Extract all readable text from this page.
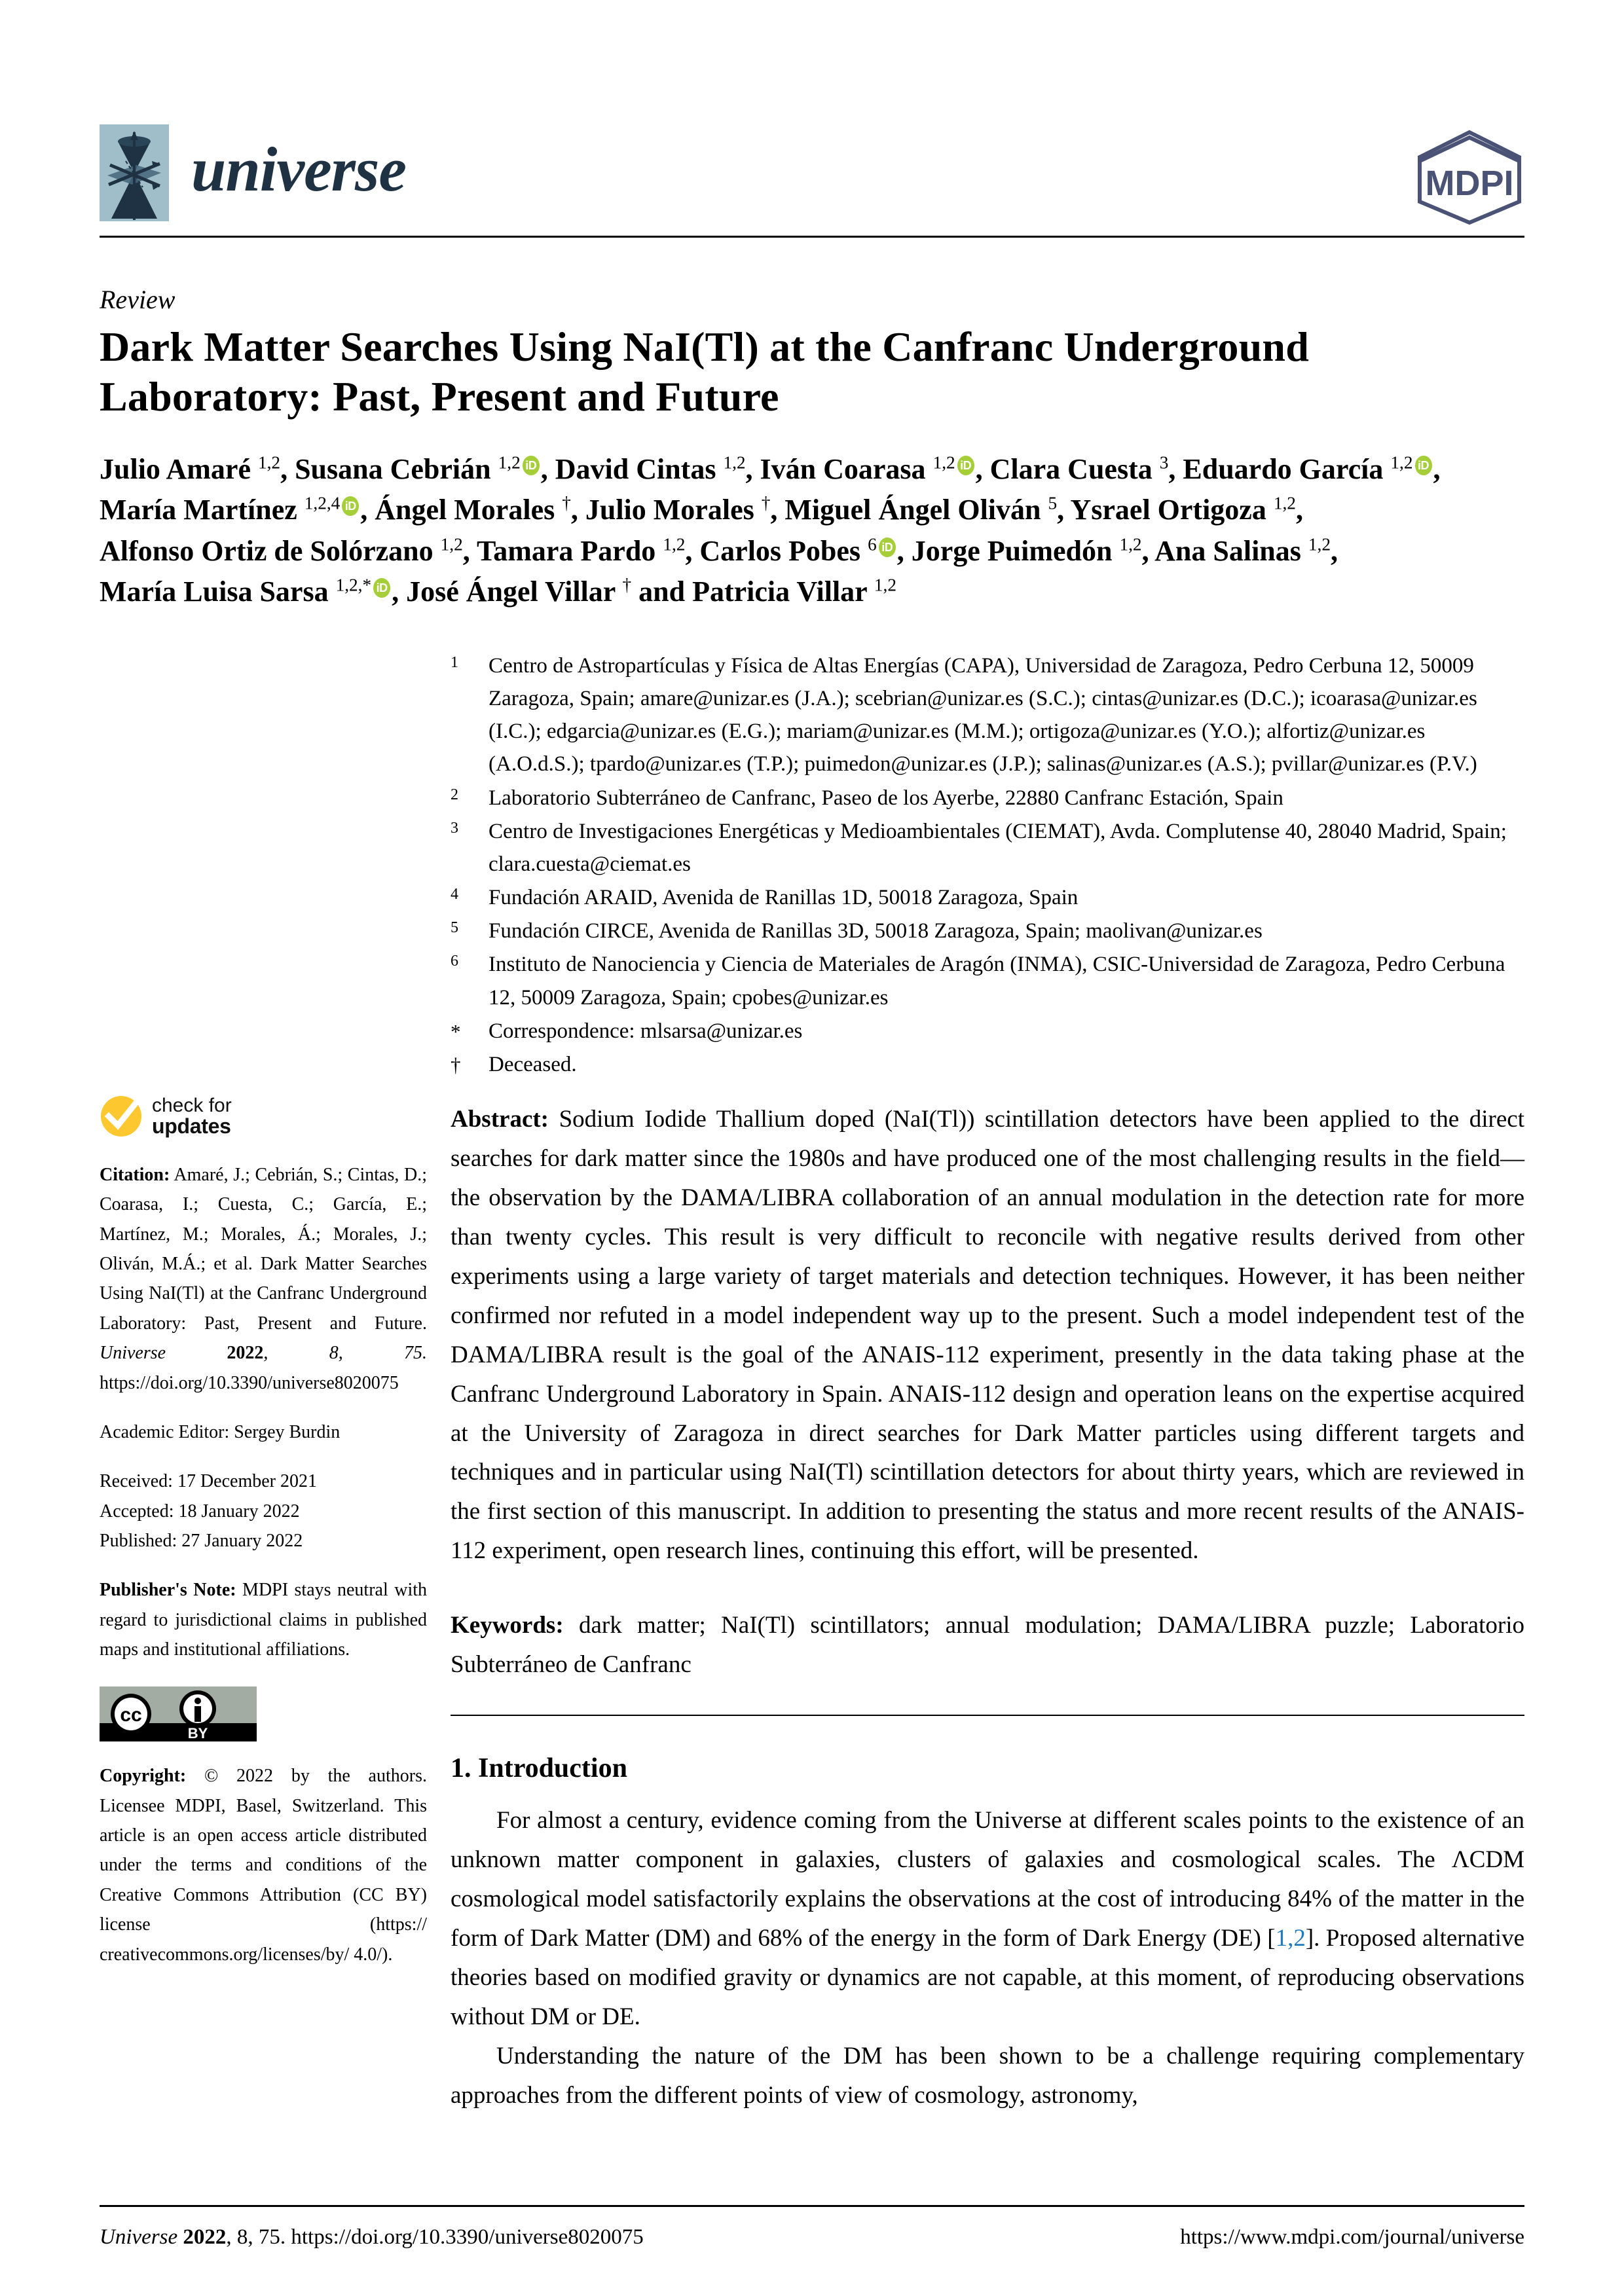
universe	MDPI
Review
Dark Matter Searches Using NaI(Tl) at the Canfranc Underground Laboratory: Past, Present and Future
Julio Amaré $^{1,2}$, Susana Cebrián $^{1,2}$ iD , David Cintas $^{1,2}$, Iván Coarasa $^{1,2}$ iD , Clara Cuesta $^3$, Eduardo García $^{1,2}$ iD ,
María Martínez $^{1,2,4}$ iD , Ángel Morales †, Julio Morales †, Miguel Ángel Oliván $^5$, Ysrael Ortigoza $^{1,2}$,
Alfonso Ortiz de Solórzano $^{1,2}$, Tamara Pardo $^{1,2}$, Carlos Pobes $^6$ iD , Jorge Puimedón $^{1,2}$, Ana Salinas $^{1,2}$,
María Luisa Sarsa $^{1,2,*}$ iD , José Ángel Villar † and Patricia Villar $^{1,2}$
1	Centro de Astropartículas y Física de Altas Energías (CAPA), Universidad de Zaragoza, Pedro Cerbuna 12, 50009 Zaragoza, Spain; amare@unizar.es (J.A.); scebrian@unizar.es (S.C.); cintas@unizar.es (D.C.); icoarasa@unizar.es (I.C.); edgarcia@unizar.es (E.G.); mariam@unizar.es (M.M.); ortigoza@unizar.es (Y.O.); alfortiz@unizar.es (A.O.d.S.); tpardo@unizar.es (T.P.); puimedon@unizar.es (J.P.); salinas@unizar.es (A.S.); pvillar@unizar.es (P.V.)
2	Laboratorio Subterráneo de Canfranc, Paseo de los Ayerbe, 22880 Canfranc Estación, Spain
3	Centro de Investigaciones Energéticas y Medioambientales (CIEMAT), Avda. Complutense 40, 28040 Madrid, Spain; clara.cuesta@ciemat.es
4	Fundación ARAID, Avenida de Ranillas 1D, 50018 Zaragoza, Spain
5	Fundación CIRCE, Avenida de Ranillas 3D, 50018 Zaragoza, Spain; maolivan@unizar.es
6	Instituto de Nanociencia y Ciencia de Materiales de Aragón (INMA), CSIC-Universidad de Zaragoza, Pedro Cerbuna 12, 50009 Zaragoza, Spain; cpobes@unizar.es
*	Correspondence: mlsarsa@unizar.es
†	Deceased.
check for
updates
Citation: Amaré, J.; Cebrián, S.; Cintas, D.; Coarasa, I.; Cuesta, C.; García, E.; Martínez, M.; Morales, Á.; Morales, J.; Oliván, M.Á.; et al. Dark Matter Searches Using NaI(Tl) at the Canfranc Underground Laboratory: Past, Present and Future. Universe	2022, 8, 75. https://doi.org/10.3390/universe8020075
Academic Editor: Sergey Burdin
Received: 17 December 2021
Accepted: 18 January 2022
Published: 27 January 2022
Publisher's Note: MDPI stays neutral with regard to jurisdictional claims in published maps and institutional affiliations.
cc
BY
Copyright: © 2022 by the authors. Licensee MDPI, Basel, Switzerland. This article is an open access article distributed under the terms and conditions of the Creative Commons Attribution (CC BY) license (https:// creativecommons.org/licenses/by/ 4.0/).

Abstract: Sodium Iodide Thallium doped (NaI(Tl)) scintillation detectors have been applied to the direct searches for dark matter since the 1980s and have produced one of the most challenging results in the field—the observation by the DAMA/LIBRA collaboration of an annual modulation in the detection rate for more than twenty cycles. This result is very difficult to reconcile with negative results derived from other experiments using a large variety of target materials and detection techniques. However, it has been neither confirmed nor refuted in a model independent way up to the present. Such a model independent test of the DAMA/LIBRA result is the goal of the ANAIS-112 experiment, presently in the data taking phase at the Canfranc Underground Laboratory in Spain. ANAIS-112 design and operation leans on the expertise acquired at the University of Zaragoza in direct searches for Dark Matter particles using different targets and techniques and in particular using NaI(Tl) scintillation detectors for about thirty years, which are reviewed in the first section of this manuscript. In addition to presenting the status and more recent results of the ANAIS-112 experiment, open research lines, continuing this effort, will be presented.

Keywords: dark matter; NaI(Tl) scintillators; annual modulation; DAMA/LIBRA puzzle; Laboratorio Subterráneo de Canfranc

1. Introduction

For almost a century, evidence coming from the Universe at different scales points to the existence of an unknown matter component in galaxies, clusters of galaxies and cosmological scales. The ΛCDM cosmological model satisfactorily explains the observations at the cost of introducing 84% of the matter in the form of Dark Matter (DM) and 68% of the energy in the form of Dark Energy (DE) [1,2]. Proposed alternative theories based on modified gravity or dynamics are not capable, at this moment, of reproducing observations without DM or DE.

Understanding the nature of the DM has been shown to be a challenge requiring complementary approaches from the different points of view of cosmology, astronomy,

Universe 2022, 8, 75. https://doi.org/10.3390/universe8020075	https://www.mdpi.com/journal/universe
